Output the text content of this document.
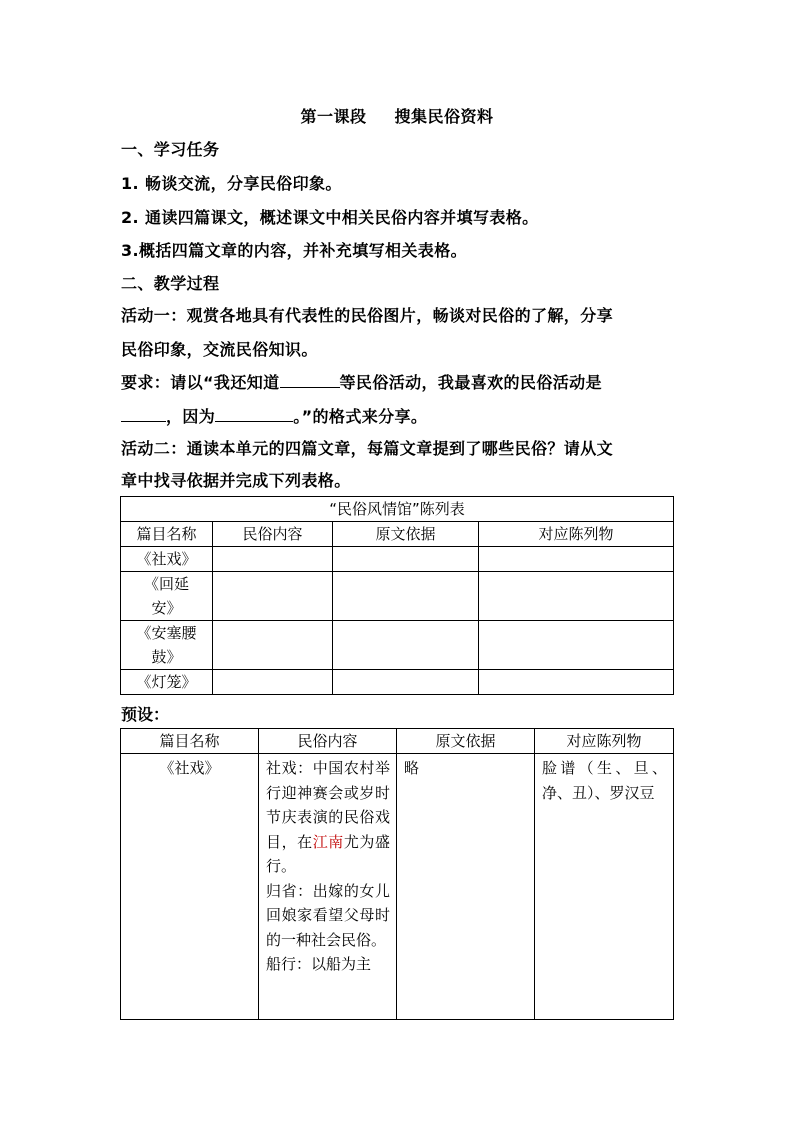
第一课段 搜集民俗资料
一、学习任务
1. 畅谈交流，分享民俗印象。
2. 通读四篇课文，概述课文中相关民俗内容并填写表格。
3.概括四篇文章的内容，并补充填写相关表格。
二、教学过程
活动一：观赏各地具有代表性的民俗图片，畅谈对民俗的了解，分享
民俗印象，交流民俗知识。
要求：请以“我还知道	等民俗活动，我最喜欢的民俗活动是
，因为	。”的格式来分享。
活动二：通读本单元的四篇文章，每篇文章提到了哪些民俗？请从文
章中找寻依据并完成下列表格。
“民俗风情馆”陈列表			
篇目名称	民俗内容	原文依据	对应陈列物
《社戏》			
《回延
安》			
《安塞腰
鼓》			
《灯笼》			
预设：
篇目名称	民俗内容	原文依据	对应陈列物
《社戏》	社戏：中国农村举行迎神赛会或岁时节庆表演的民俗戏目，在江南尤为盛行。
归省：出嫁的女儿回娘家看望父母时的一种社会民俗。
船行：以船为主	略	脸谱（生、旦、净、丑）、罗汉豆
